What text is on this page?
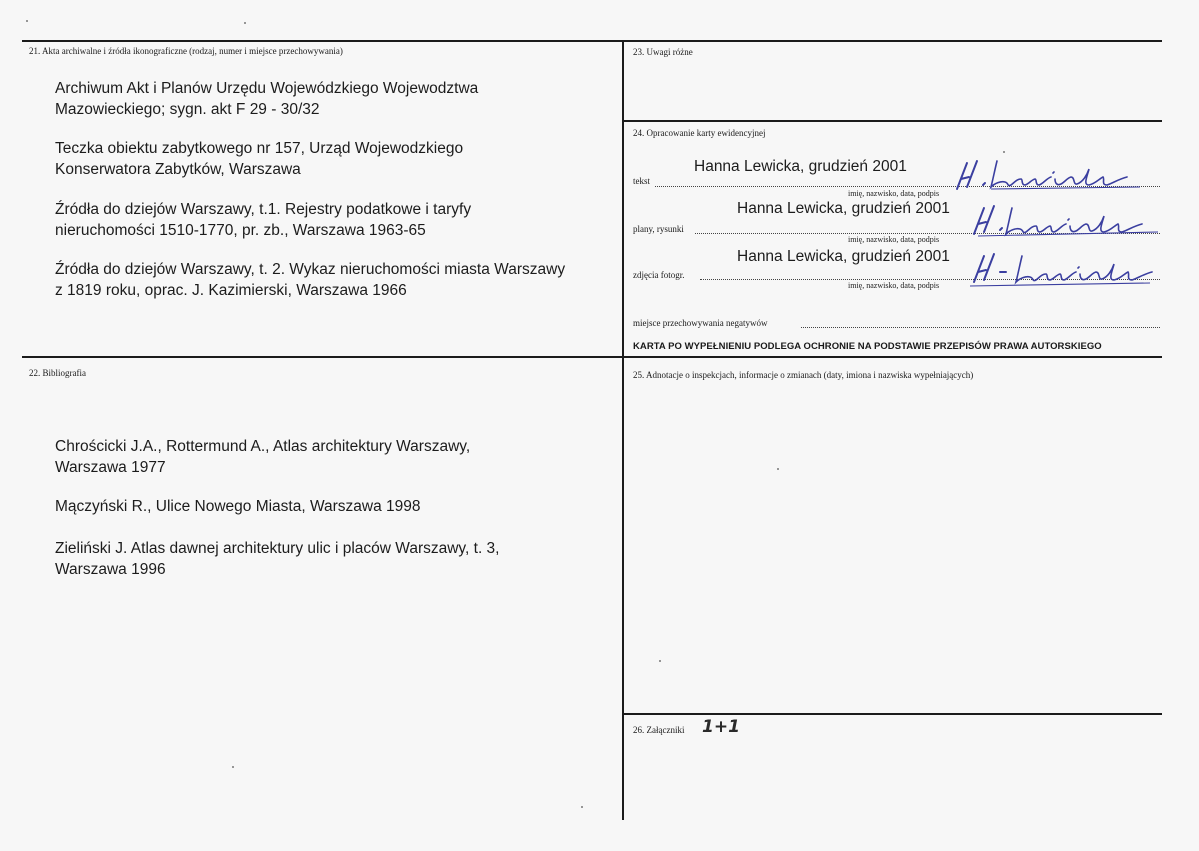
21. Akta archiwalne i źródła ikonograficzne (rodzaj, numer i miejsce przechowywania)
Archiwum Akt i Planów Urzędu Wojewódzkiego Wojewodztwa Mazowieckiego; sygn. akt F 29 - 30/32
Teczka obiektu zabytkowego nr 157, Urząd Wojewodzkiego Konserwatora Zabytków, Warszawa
Źródła do dziejów Warszawy, t.1. Rejestry podatkowe i taryfy nieruchomości 1510-1770, pr. zb., Warszawa 1963-65
Źródła do dziejów Warszawy, t. 2. Wykaz nieruchomości miasta Warszawy z 1819 roku, oprac. J. Kazimierski, Warszawa 1966
22. Bibliografia
Chrościcki J.A., Rottermund A., Atlas architektury Warszawy, Warszawa 1977
Mączyński R., Ulice Nowego Miasta, Warszawa 1998
Zieliński J. Atlas dawnej architektury ulic i placów Warszawy, t. 3, Warszawa 1996
23. Uwagi różne
24. Opracowanie karty ewidencyjnej
tekst
Hanna Lewicka, grudzień 2001
imię, nazwisko, data, podpis
plany, rysunki
Hanna Lewicka, grudzień 2001
imię, nazwisko, data, podpis
zdjęcia fotogr.
Hanna Lewicka, grudzień 2001
imię, nazwisko, data, podpis
miejsce przechowywania negatywów
KARTA PO WYPEŁNIENIU PODLEGA OCHRONIE NA PODSTAWIE PRZEPISÓW PRAWA AUTORSKIEGO
25. Adnotacje o inspekcjach, informacje o zmianach (daty, imiona i nazwiska wypełniających)
26. Załączniki 1+1
